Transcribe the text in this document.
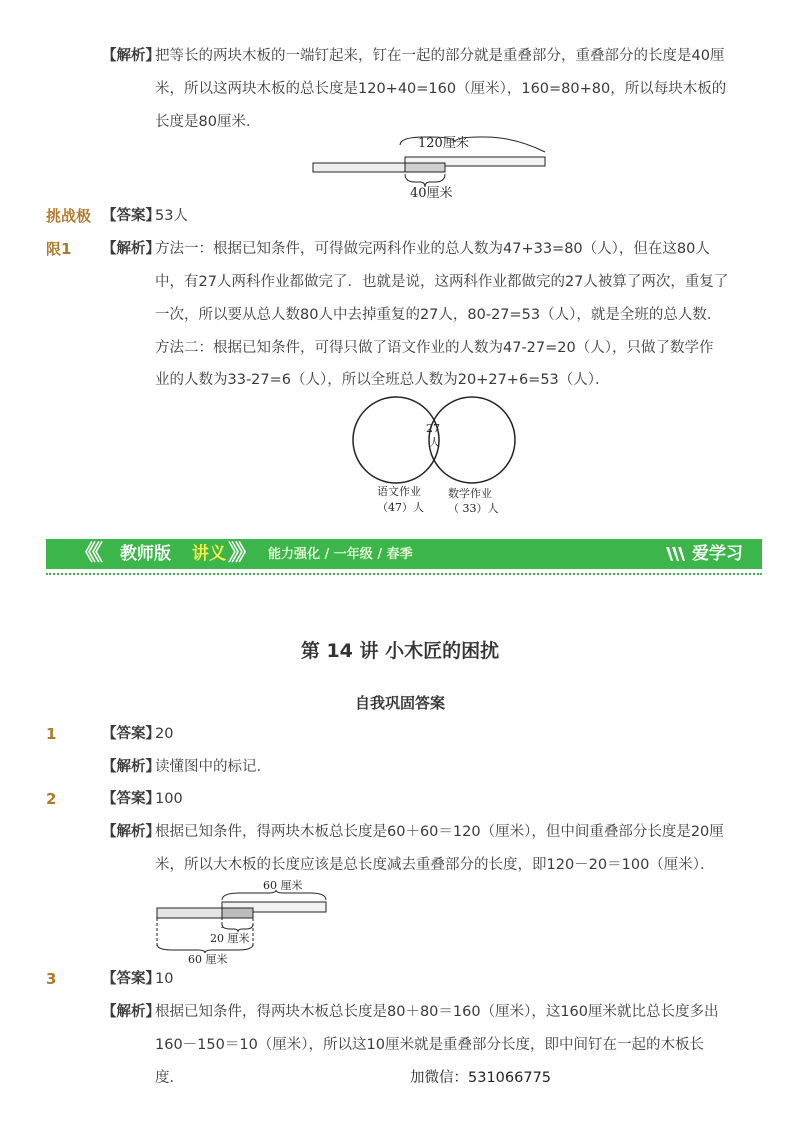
【解析】
把等长的两块木板的一端钉起来，钉在一起的部分就是重叠部分，重叠部分的长度是40厘
米，所以这两块木板的总长度是120+40=160（厘米），160=80+80，所以每块木板的
长度是80厘米．
120厘米
40厘米
挑战极
限1
【答案】
53人
【解析】
方法一：根据已知条件，可得做完两科作业的总人数为47+33=80（人），但在这80人
中，有27人两科作业都做完了．也就是说，这两科作业都做完的27人被算了两次，重复了
一次，所以要从总人数80人中去掉重复的27人，80-27=53（人），就是全班的总人数．
方法二：根据已知条件，可得只做了语文作业的人数为47-27=20（人），只做了数学作
业的人数为33-27=6（人），所以全班总人数为20+27+6=53（人）．
27
人
语文作业
（47）人
数学作业
（ 33）人
《《 教师版 讲义 》》 能力强化 / 一年级 / 春季	爱学习
第 14 讲 小木匠的困扰
自我巩固答案
1	【答案】
20
【解析】
读懂图中的标记．
2	【答案】
100
【解析】
根据已知条件，得两块木板总长度是60＋60＝120（厘米），但中间重叠部分长度是20厘
米，所以大木板的长度应该是总长度减去重叠部分的长度，即120－20＝100（厘米）．
60 厘米
20 厘米
60 厘米
3	【答案】
10
【解析】
根据已知条件，得两块木板总长度是80＋80＝160（厘米），这160厘米就比总长度多出
160－150＝10（厘米），所以这10厘米就是重叠部分长度，即中间钉在一起的木板长
度．	加微信：531066775
